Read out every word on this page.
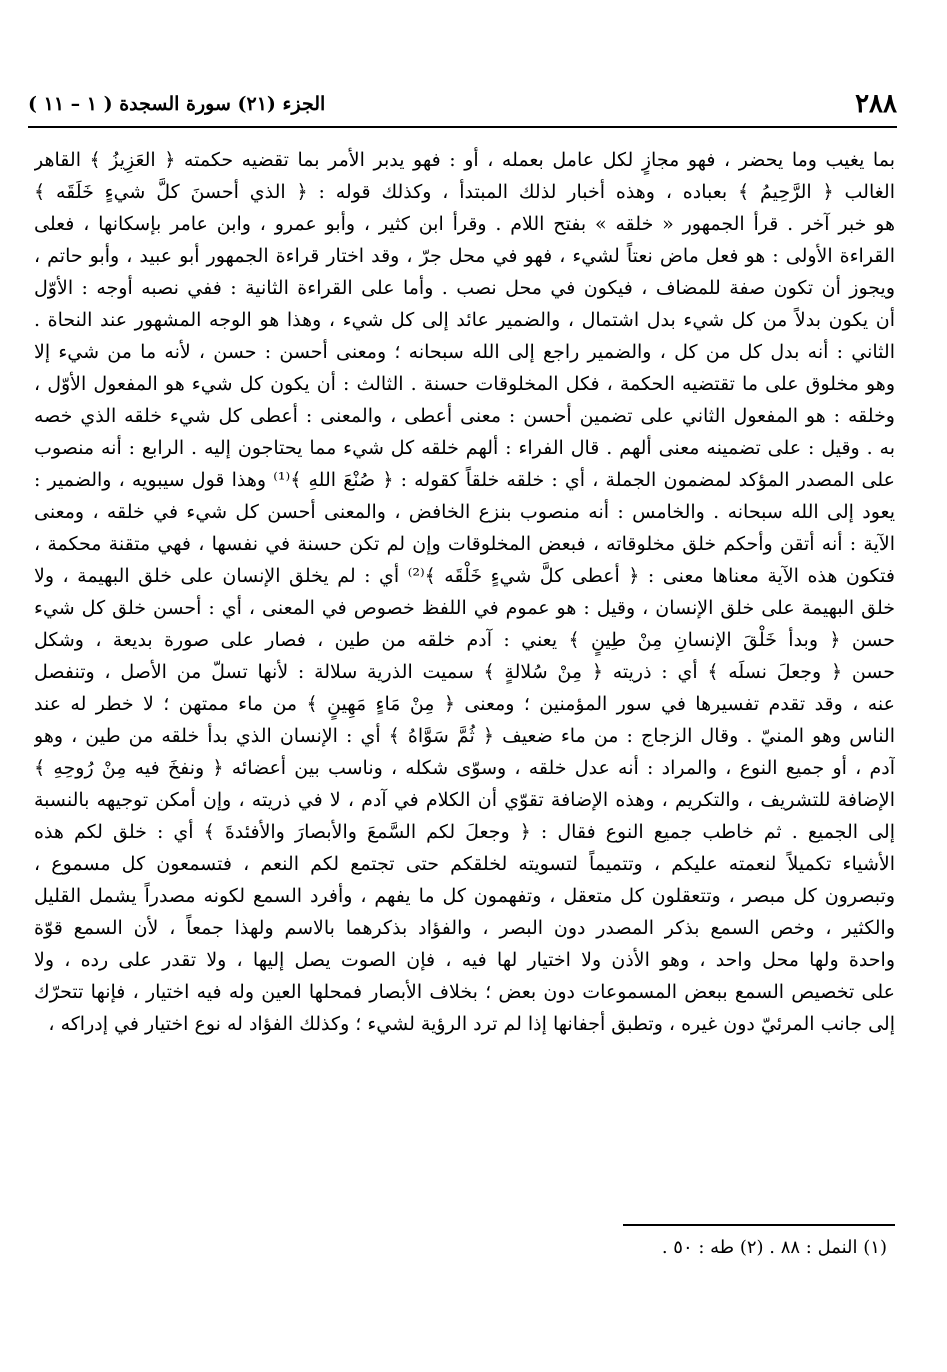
٢٨٨
الجزء (٢١) سورة السجدة ( ١ – ١١ )
بما يغيب وما يحضر ، فهو مجازٍ لكل عامل بعمله ، أو : فهو يدبر الأمر بما تقضيه حكمته ﴿ العَزِيزُ ﴾ القاهر
الغالب ﴿ الرَّحِيمُ ﴾ بعباده ، وهذه أخبار لذلك المبتدأ ، وكذلك قوله : ﴿ الذي أحسنَ كلَّ شيءٍ خَلَقَه ﴾
هو خبر آخر . قرأ الجمهور « خلقه » بفتح اللام . وقرأ ابن كثير ، وأبو عمرو ، وابن عامر بإسكانها ، فعلى
القراءة الأولى : هو فعل ماض نعتاً لشيء ، فهو في محل جرّ ، وقد اختار قراءة الجمهور أبو عبيد ، وأبو حاتم ،
ويجوز أن تكون صفة للمضاف ، فيكون في محل نصب . وأما على القراءة الثانية : ففي نصبه أوجه : الأوّل
أن يكون بدلاً من كل شيء بدل اشتمال ، والضمير عائد إلى كل شيء ، وهذا هو الوجه المشهور عند النحاة .
الثاني : أنه بدل كل من كل ، والضمير راجع إلى الله سبحانه ؛ ومعنى أحسن : حسن ، لأنه ما من شيء إلا
وهو مخلوق على ما تقتضيه الحكمة ، فكل المخلوقات حسنة . الثالث : أن يكون كل شيء هو المفعول الأوّل ،
وخلقه : هو المفعول الثاني على تضمين أحسن : معنى أعطى ، والمعنى : أعطى كل شيء خلقه الذي خصه
به . وقيل : على تضمينه معنى ألهم . قال الفراء : ألهم خلقه كل شيء مما يحتاجون إليه . الرابع : أنه منصوب
على المصدر المؤكد لمضمون الجملة ، أي : خلقه خلقاً كقوله : ﴿ صُنْعَ اللهِ ﴾⁽¹⁾ وهذا قول سيبويه ، والضمير :
يعود إلى الله سبحانه . والخامس : أنه منصوب بنزع الخافض ، والمعنى أحسن كل شيء في خلقه ، ومعنى
الآية : أنه أتقن وأحكم خلق مخلوقاته ، فبعض المخلوقات وإن لم تكن حسنة في نفسها ، فهي متقنة محكمة ،
فتكون هذه الآية معناها معنى : ﴿ أعطى كلَّ شيءٍ خَلْقَه ﴾⁽²⁾ أي : لم يخلق الإنسان على خلق البهيمة ، ولا
خلق البهيمة على خلق الإنسان ، وقيل : هو عموم في اللفظ خصوص في المعنى ، أي : أحسن خلق كل شيء
حسن ﴿ وبدأ خَلْقَ الإنسانِ مِنْ طِينٍ ﴾ يعني : آدم خلقه من طين ، فصار على صورة بديعة ، وشكل
حسن ﴿ وجعلَ نسلَه ﴾ أي : ذريته ﴿ مِنْ سُلالةٍ ﴾ سميت الذرية سلالة : لأنها تسلّ من الأصل ، وتنفصل
عنه ، وقد تقدم تفسيرها في سور المؤمنين ؛ ومعنى ﴿ مِنْ مَاءٍ مَهِينٍ ﴾ من ماء ممتهن ؛ لا خطر له عند
الناس وهو المنيّ . وقال الزجاج : من ماء ضعيف ﴿ ثُمَّ سَوَّاهُ ﴾ أي : الإنسان الذي بدأ خلقه من طين ، وهو
آدم ، أو جميع النوع ، والمراد : أنه عدل خلقه ، وسوّى شكله ، وناسب بين أعضائه ﴿ ونفخَ فيه مِنْ رُوحِهِ ﴾
الإضافة للتشريف ، والتكريم ، وهذه الإضافة تقوّي أن الكلام في آدم ، لا في ذريته ، وإن أمكن توجيهه بالنسبة
إلى الجميع . ثم خاطب جميع النوع فقال : ﴿ وجعلَ لكم السَّمعَ والأبصارَ والأفئدةَ ﴾ أي : خلق لكم هذه
الأشياء تكميلاً لنعمته عليكم ، وتتميماً لتسويته لخلقكم حتى تجتمع لكم النعم ، فتسمعون كل مسموع ،
وتبصرون كل مبصر ، وتتعقلون كل متعقل ، وتفهمون كل ما يفهم ، وأفرد السمع لكونه مصدراً يشمل القليل
والكثير ، وخص السمع بذكر المصدر دون البصر ، والفؤاد بذكرهما بالاسم ولهذا جمعاً ، لأن السمع قوّة
واحدة ولها محل واحد ، وهو الأذن ولا اختيار لها فيه ، فإن الصوت يصل إليها ، ولا تقدر على رده ، ولا
على تخصيص السمع ببعض المسموعات دون بعض ؛ بخلاف الأبصار فمحلها العين وله فيه اختيار ، فإنها تتحرّك
إلى جانب المرئيّ دون غيره ، وتطبق أجفانها إذا لم ترد الرؤية لشيء ؛ وكذلك الفؤاد له نوع اختيار في إدراكه ،
(١) النمل : ٨٨ . (٢) طه : ٥٠ .
